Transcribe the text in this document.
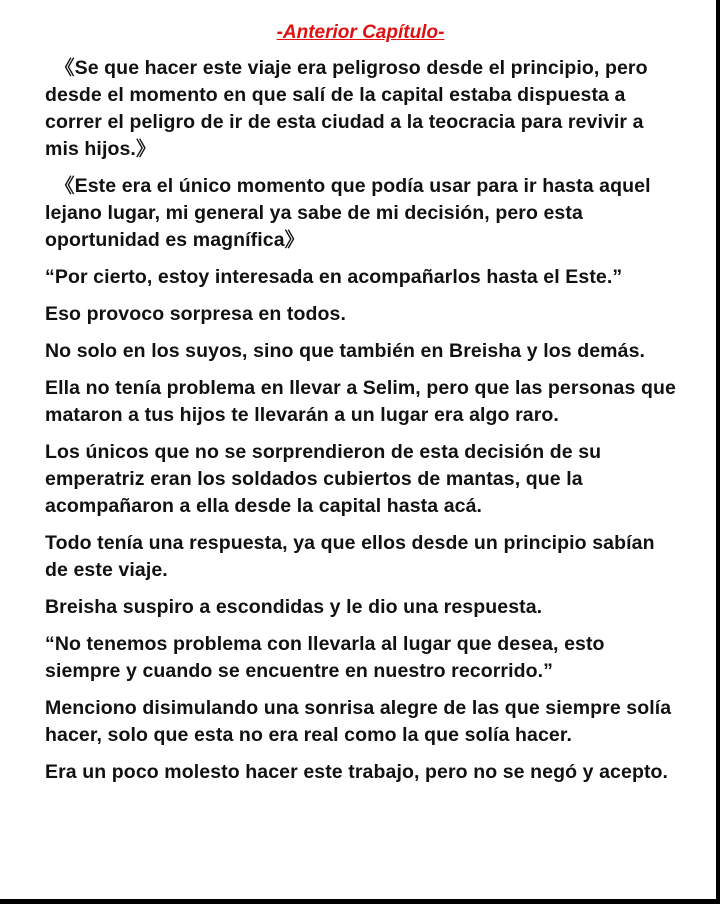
-Anterior Capítulo-

《Se que hacer este viaje era peligroso desde el principio, pero desde el momento en que salí de la capital estaba dispuesta a correr el peligro de ir de esta ciudad a la teocracia para revivir a mis hijos.》

《Este era el único momento que podía usar para ir hasta aquel lejano lugar, mi general ya sabe de mi decisión, pero esta oportunidad es magnífica》

“Por cierto, estoy interesada en acompañarlos hasta el Este.”

Eso provoco sorpresa en todos.

No solo en los suyos, sino que también en Breisha y los demás.

Ella no tenía problema en llevar a Selim, pero que las personas que mataron a tus hijos te llevarán a un lugar era algo raro.

Los únicos que no se sorprendieron de esta decisión de su emperatriz eran los soldados cubiertos de mantas, que la acompañaron a ella desde la capital hasta acá.

Todo tenía una respuesta, ya que ellos desde un principio sabían de este viaje.

Breisha suspiro a escondidas y le dio una respuesta.

“No tenemos problema con llevarla al lugar que desea, esto siempre y cuando se encuentre en nuestro recorrido.”

Menciono disimulando una sonrisa alegre de las que siempre solía hacer, solo que esta no era real como la que solía hacer.

Era un poco molesto hacer este trabajo, pero no se negó y acepto.
